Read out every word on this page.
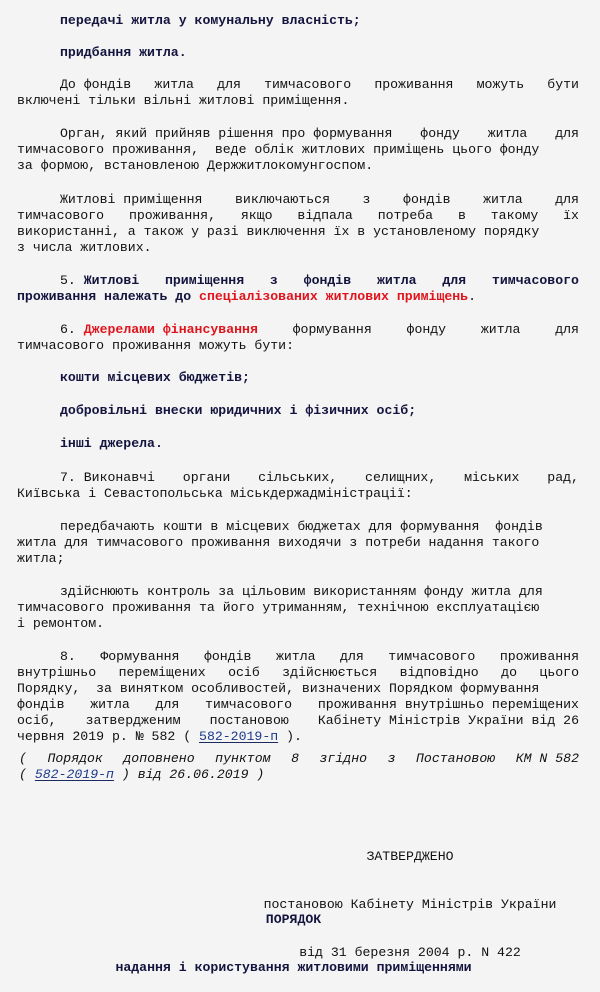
передачі житла у комунальну власність;
придбання житла.
До фондів житла для тимчасового проживання можуть бути
включені тільки вільні житлові приміщення.
Орган, який прийняв рішення про формування фонду житла для
тимчасового проживання,  веде облік житлових приміщень цього фонду
за формою, встановленою Держжитлокомунгоспом.
Житлові приміщення виключаються з фондів житла для
тимчасового проживання, якщо відпала потреба в такому їх
використанні, а також у разі виключення їх в установленому порядку
з числа житлових.
5. Житлові приміщення з фондів житла для тимчасового
проживання належать до спеціалізованих житлових приміщень.
6. Джерелами фінансування	формування	фонду	житла	для
тимчасового проживання можуть бути:
кошти місцевих бюджетів;
добровільні внески юридичних і фізичних осіб;
інші джерела.
7. Виконавчі органи сільських, селищних, міських рад,
Київська і Севастопольська міськдержадміністрації:
передбачають кошти в місцевих бюджетах для формування  фондів
житла для тимчасового проживання виходячи з потреби надання такого
житла;
здійснюють контроль за цільовим використанням фонду житла для
тимчасового проживання та його утриманням, технічною експлуатацією
і ремонтом.
8. Формування фондів житла для тимчасового проживання
внутрішньо переміщених осіб здійснюється відповідно до цього
Порядку,  за винятком особливостей, визначених Порядком формування
фондів житла для тимчасового проживання внутрішньо переміщених
осіб, затвердженим постановою Кабінету Міністрів України від 26
червня 2019 р. № 582 ( 582-2019-п ).
( Порядок доповнено пунктом 8 згідно з Постановою КМ N 582
( 582-2019-п ) від 26.06.2019 )

ЗАТВЕРДЖЕНО

постановою Кабінету Міністрів України

від 31 березня 2004 р. N 422

ПОРЯДОК

надання і користування житловими приміщеннями
